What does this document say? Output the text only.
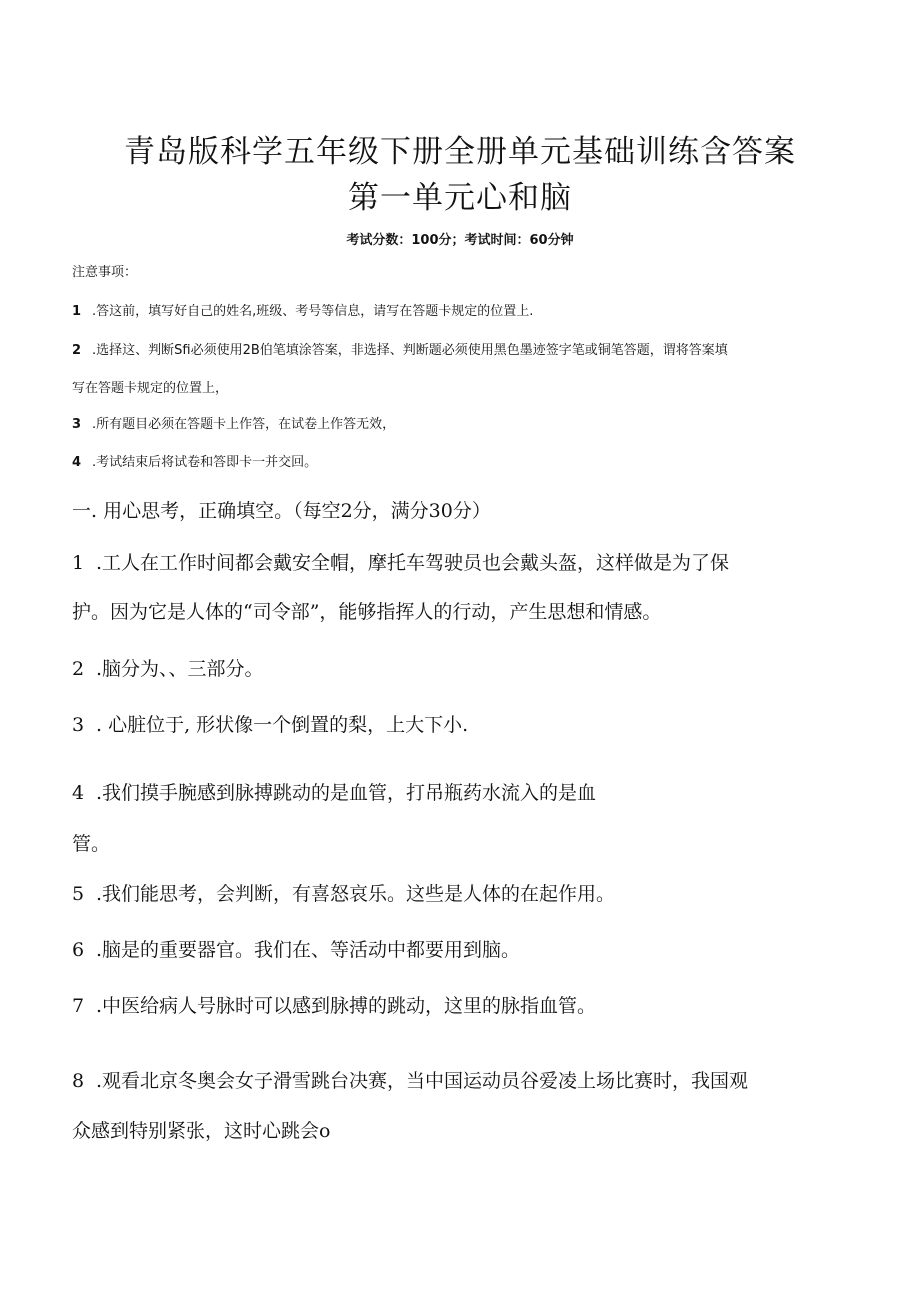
青岛版科学五年级下册全册单元基础训练含答案
第一单元心和脑
考试分数：100分；考试时间：60分钟
注意事项：
1 .答这前，填写好自己的姓名,班级、考号等信息，请写在答题卡规定的位置上.
2 .选择这、判断Sfi必须使用2B伯笔填涂答案，非选择、判断题必须使用黑色墨迹签字笔或铜笔答题，谓将答案填
写在答题卡规定的位置上，
3 .所有题目必须在答题卡上作答，在试卷上作答无效，
4 .考试结束后将试卷和答即卡一并交回。
一. 用心思考，正确填空。（每空2分，满分30分）
1 .工人在工作时间都会戴安全帽，摩托车驾驶员也会戴头盔，这样做是为了保
护。因为它是人体的“司令部”，能够指挥人的行动，产生思想和情感。
2 .脑分为、、三部分。
3 . 心脏位于, 形状像一个倒置的梨，上大下小.
4 .我们摸手腕感到脉搏跳动的是血管，打吊瓶药水流入的是血
管。
5 .我们能思考，会判断，有喜怒哀乐。这些是人体的在起作用。
6 .脑是的重要器官。我们在、等活动中都要用到脑。
7 .中医给病人号脉时可以感到脉搏的跳动，这里的脉指血管。
8 .观看北京冬奥会女子滑雪跳台决赛，当中国运动员谷爱凌上场比赛时，我国观
众感到特别紧张，这时心跳会o
